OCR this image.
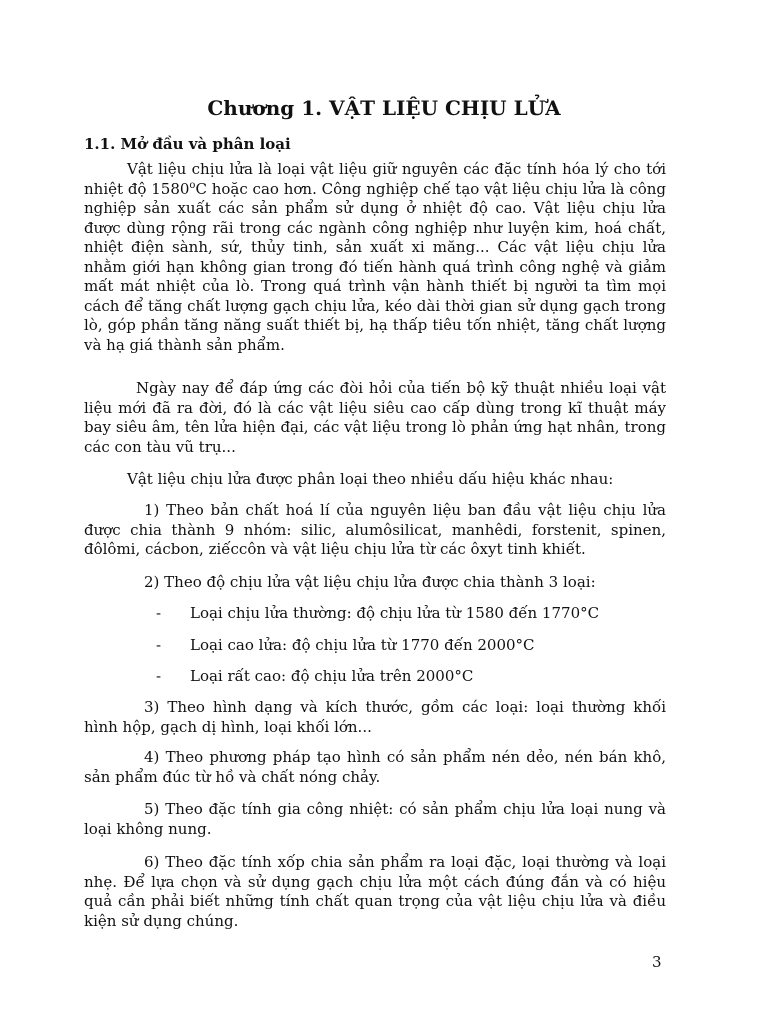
Chương 1. VẬT LIỆU CHỊU LỬA
1.1. Mở đầu và phân loại

Vật liệu chịu lửa là loại vật liệu giữ nguyên các đặc tính hóa lý cho tới nhiệt độ 1580$^o$C hoặc cao hơn. Công nghiệp chế tạo vật liệu chịu lửa là công nghiệp sản xuất các sản phẩm sử dụng ở nhiệt độ cao. Vật liệu chịu lửa được dùng rộng rãi trong các ngành công nghiệp như luyện kim, hoá chất, nhiệt điện sành, sứ, thủy tinh, sản xuất xi măng... Các vật liệu chịu lửa nhằm giới hạn không gian trong đó tiến hành quá trình công nghệ và giảm mất mát nhiệt của lò. Trong quá trình vận hành thiết bị người ta tìm mọi cách để tăng chất lượng gạch chịu lửa, kéo dài thời gian sử dụng gạch trong lò, góp phần tăng năng suất thiết bị, hạ thấp tiêu tốn nhiệt, tăng chất lượng và hạ giá thành sản phẩm.

Ngày nay để đáp ứng các đòi hỏi của tiến bộ kỹ thuật nhiều loại vật liệu mới đã ra đời, đó là các vật liệu siêu cao cấp dùng trong kĩ thuật máy bay siêu âm, tên lửa hiện đại, các vật liệu trong lò phản ứng hạt nhân, trong các con tàu vũ trụ...

Vật liệu chịu lửa được phân loại theo nhiều dấu hiệu khác nhau:

1) Theo bản chất hoá lí của nguyên liệu ban đầu vật liệu chịu lửa được chia thành 9 nhóm: silic, alumôsilicat, manhêdi, forstenit, spinen, đôlômi, cácbon, ziếccôn và vật liệu chịu lửa từ các ôxyt tinh khiết.

2) Theo độ chịu lửa vật liệu chịu lửa được chia thành 3 loại:

- Loại chịu lửa thường: độ chịu lửa từ 1580 đến 1770°C
- Loại cao lửa: độ chịu lửa từ 1770 đến 2000°C
- Loại rất cao: độ chịu lửa trên 2000°C

3) Theo hình dạng và kích thước, gồm các loại: loại thường khối hình hộp, gạch dị hình, loại khối lớn...

4) Theo phương pháp tạo hình có sản phẩm nén dẻo, nén bán khô, sản phẩm đúc từ hồ và chất nóng chảy.

5) Theo đặc tính gia công nhiệt: có sản phẩm chịu lửa loại nung và loại không nung.

6) Theo đặc tính xốp chia sản phẩm ra loại đặc, loại thường và loại nhẹ. Để lựa chọn và sử dụng gạch chịu lửa một cách đúng đắn và có hiệu quả cần phải biết những tính chất quan trọng của vật liệu chịu lửa và điều kiện sử dụng chúng.

3
